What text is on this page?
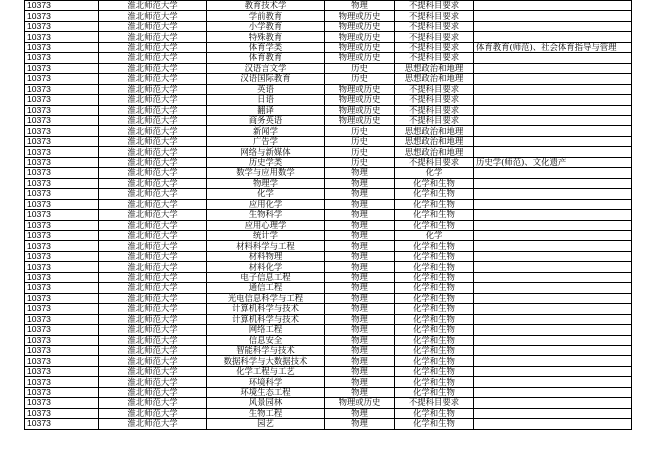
10373	淮北师范大学	教育技术学	物理	不提科目要求	
10373	淮北师范大学	学前教育	物理或历史	不提科目要求	
10373	淮北师范大学	小学教育	物理或历史	不提科目要求	
10373	淮北师范大学	特殊教育	物理或历史	不提科目要求	
10373	淮北师范大学	体育学类	物理或历史	不提科目要求	体育教育(师范)、社会体育指导与管理
10373	淮北师范大学	体育教育	物理或历史	不提科目要求	
10373	淮北师范大学	汉语言文学	历史	思想政治和地理	
10373	淮北师范大学	汉语国际教育	历史	思想政治和地理	
10373	淮北师范大学	英语	物理或历史	不提科目要求	
10373	淮北师范大学	日语	物理或历史	不提科目要求	
10373	淮北师范大学	翻译	物理或历史	不提科目要求	
10373	淮北师范大学	商务英语	物理或历史	不提科目要求	
10373	淮北师范大学	新闻学	历史	思想政治和地理	
10373	淮北师范大学	广告学	历史	思想政治和地理	
10373	淮北师范大学	网络与新媒体	历史	思想政治和地理	
10373	淮北师范大学	历史学类	历史	不提科目要求	历史学(师范)、文化遗产
10373	淮北师范大学	数学与应用数学	物理	化学	
10373	淮北师范大学	物理学	物理	化学和生物	
10373	淮北师范大学	化学	物理	化学和生物	
10373	淮北师范大学	应用化学	物理	化学和生物	
10373	淮北师范大学	生物科学	物理	化学和生物	
10373	淮北师范大学	应用心理学	物理	化学和生物	
10373	淮北师范大学	统计学	物理	化学	
10373	淮北师范大学	材料科学与工程	物理	化学和生物	
10373	淮北师范大学	材料物理	物理	化学和生物	
10373	淮北师范大学	材料化学	物理	化学和生物	
10373	淮北师范大学	电子信息工程	物理	化学和生物	
10373	淮北师范大学	通信工程	物理	化学和生物	
10373	淮北师范大学	光电信息科学与工程	物理	化学和生物	
10373	淮北师范大学	计算机科学与技术	物理	化学和生物	
10373	淮北师范大学	计算机科学与技术	物理	化学和生物	
10373	淮北师范大学	网络工程	物理	化学和生物	
10373	淮北师范大学	信息安全	物理	化学和生物	
10373	淮北师范大学	智能科学与技术	物理	化学和生物	
10373	淮北师范大学	数据科学与大数据技术	物理	化学和生物	
10373	淮北师范大学	化学工程与工艺	物理	化学和生物	
10373	淮北师范大学	环境科学	物理	化学和生物	
10373	淮北师范大学	环境生态工程	物理	化学和生物	
10373	淮北师范大学	风景园林	物理或历史	不提科目要求	
10373	淮北师范大学	生物工程	物理	化学和生物	
10373	淮北师范大学	园艺	物理	化学和生物	
